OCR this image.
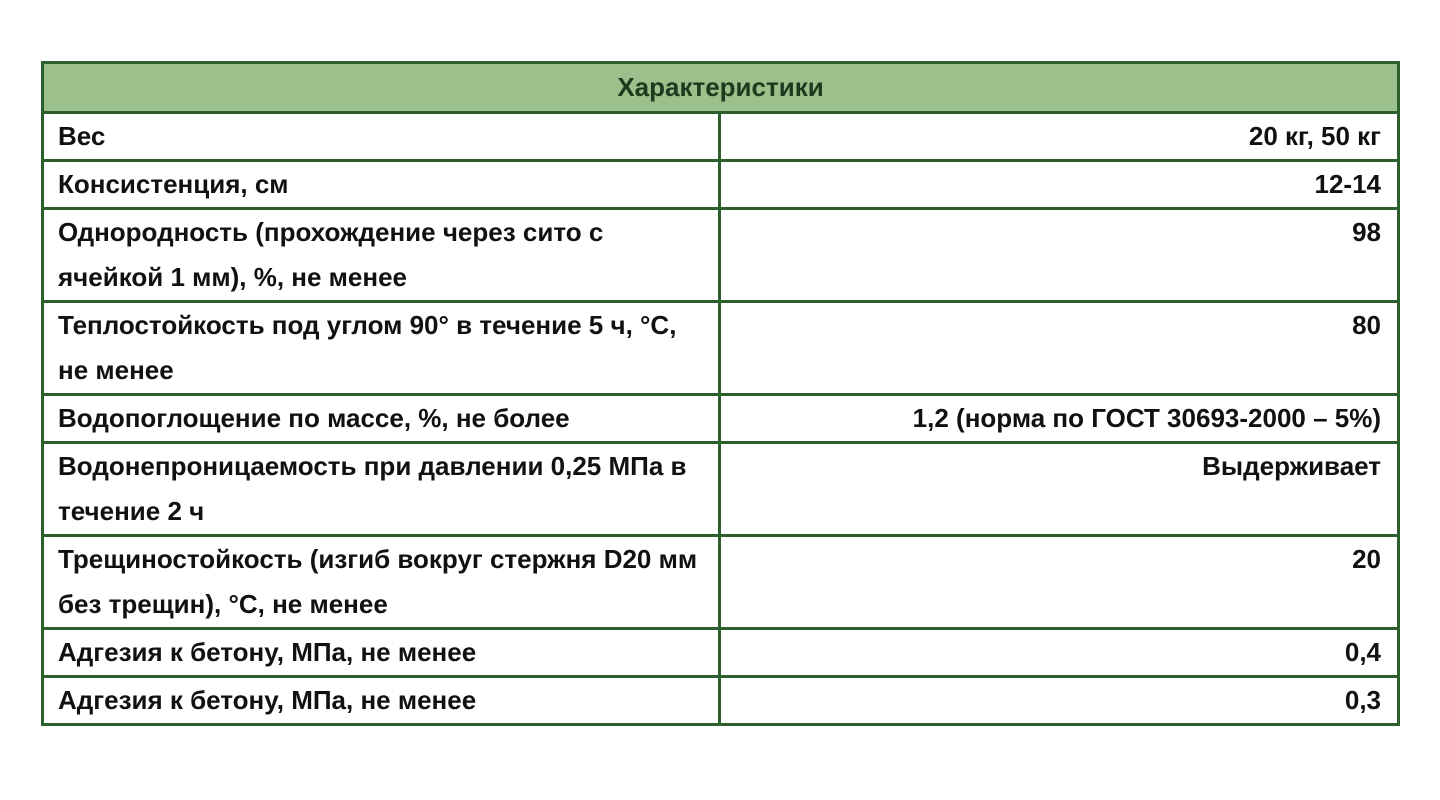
Характеристики	
Вес	20 кг, 50 кг
Консистенция, см	12-14
Однородность (прохождение через сито с ячейкой 1 мм), %, не менее	98
Теплостойкость под углом 90° в течение 5 ч, °С, не менее	80
Водопоглощение по массе, %, не более	1,2 (норма по ГОСТ 30693-2000 – 5%)
Водонепроницаемость при давлении 0,25 МПа в течение 2 ч	Выдерживает
Трещиностойкость (изгиб вокруг стержня D20 мм без трещин), °С, не менее	20
Адгезия к бетону, МПа, не менее	0,4
Адгезия к бетону, МПа, не менее	0,3
